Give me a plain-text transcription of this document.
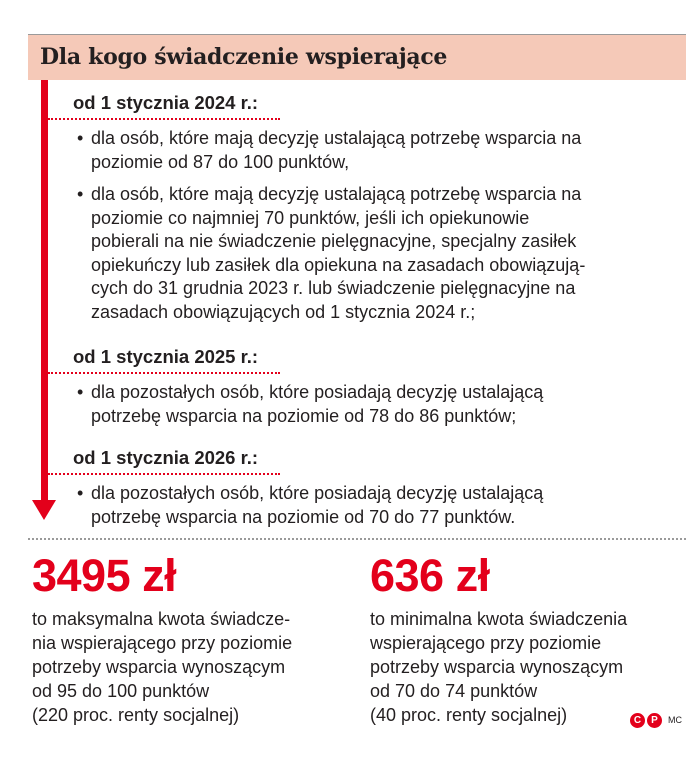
Dla kogo świadczenie wspierające
od 1 stycznia 2024 r.:
• dla osób, które mają decyzję ustalającą potrzebę wsparcia na
poziomie od 87 do 100 punktów,
• dla osób, które mają decyzję ustalającą potrzebę wsparcia na
poziomie co najmniej 70 punktów, jeśli ich opiekunowie
pobierali na nie świadczenie pielęgnacyjne, specjalny zasiłek
opiekuńczy lub zasiłek dla opiekuna na zasadach obowiązują-
cych do 31 grudnia 2023 r. lub świadczenie pielęgnacyjne na
zasadach obowiązujących od 1 stycznia 2024 r.;
od 1 stycznia 2025 r.:
• dla pozostałych osób, które posiadają decyzję ustalającą
potrzebę wsparcia na poziomie od 78 do 86 punktów;
od 1 stycznia 2026 r.:
• dla pozostałych osób, które posiadają decyzję ustalającą
potrzebę wsparcia na poziomie od 70 do 77 punktów.
3495 zł
to maksymalna kwota świadcze-
nia wspierającego przy poziomie
potrzeby wsparcia wynoszącym
od 95 do 100 punktów
(220 proc. renty socjalnej)
636 zł
to minimalna kwota świadczenia
wspierającego przy poziomie
potrzeby wsparcia wynoszącym
od 70 do 74 punktów
(40 proc. renty socjalnej)	C	P	MC
